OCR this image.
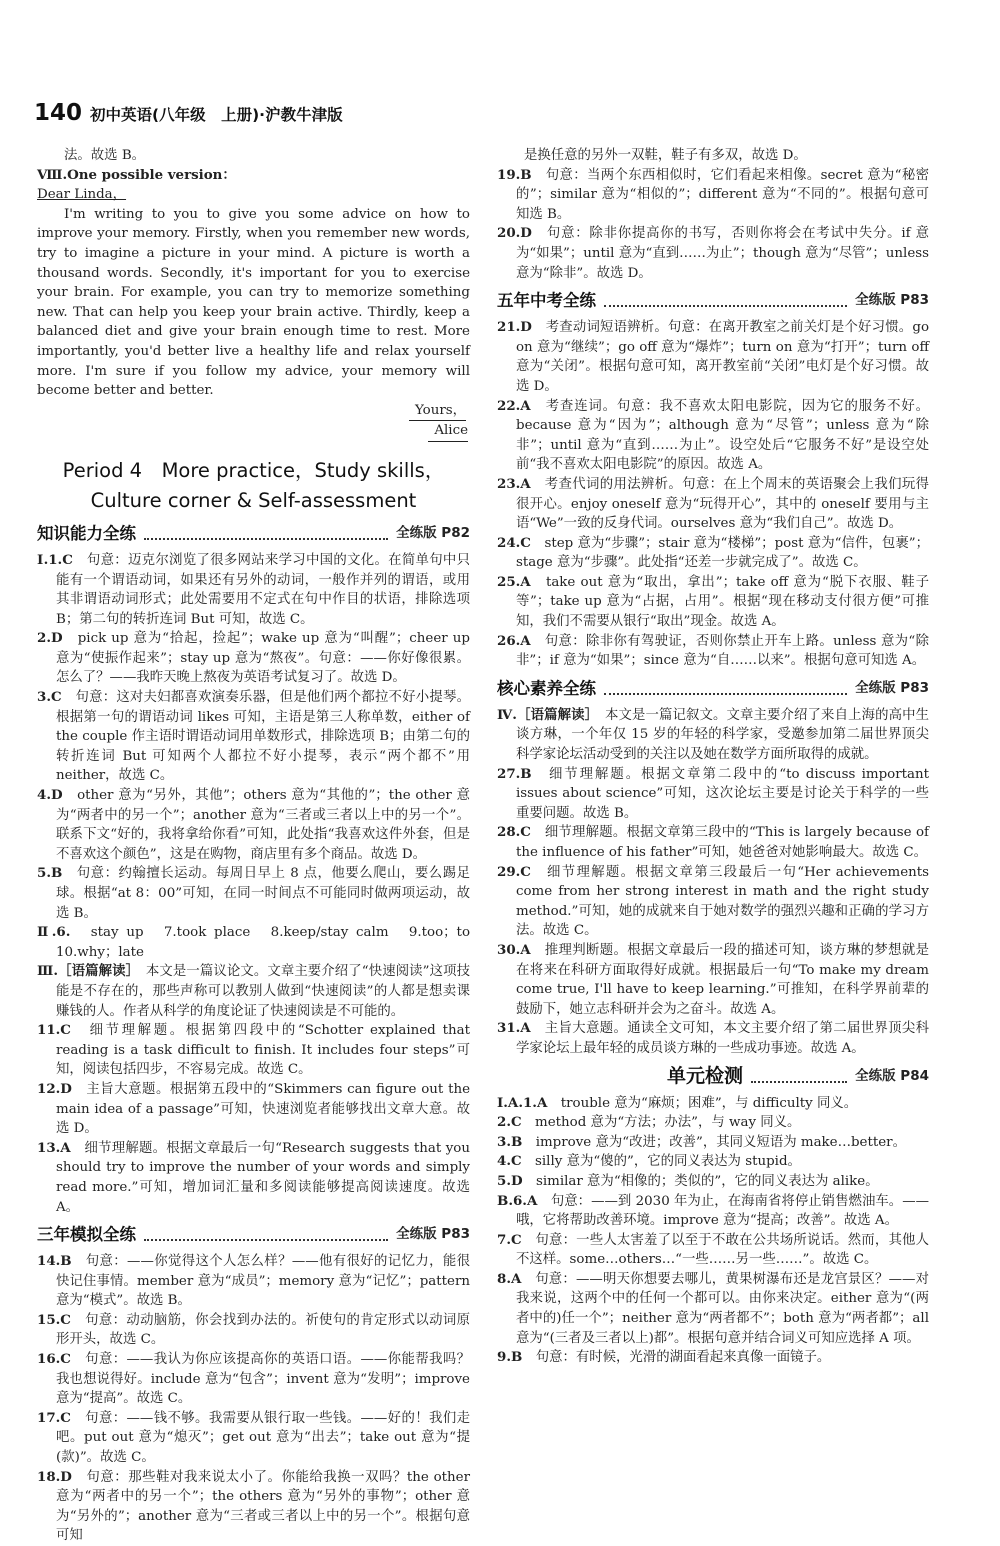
140 初中英语(八年级　上册)·沪教牛津版

法。故选 B。

Ⅷ.One possible version：

Dear Linda，

I'm writing to you to give you some advice on how to improve your memory. Firstly, when you remember new words, try to imagine a picture in your mind. A picture is worth a thousand words. Secondly, it's important for you to exercise your brain. For example, you can try to memorize something new. That can help you keep your brain active. Thirdly, keep a balanced diet and give your brain enough time to rest. More importantly, you'd better live a healthy life and relax yourself more. I'm sure if you follow my advice, your memory will become better and better.

Yours，

Alice

Period 4　More practice，Study skills，
Culture corner & Self-assessment
知识能力全练	全练版 P82

Ⅰ.1.C　 句意：迈克尔浏览了很多网站来学习中国的文化。在简单句中只能有一个谓语动词，如果还有另外的动词，一般作并列的谓语，或用其非谓语动词形式；此处需要用不定式在句中作目的状语，排除选项 B；第二句的转折连词 But 可知，故选 C。

2.D　 pick up 意为“拾起，捡起”；wake up 意为“叫醒”；cheer up 意为“使振作起来”；stay up 意为“熬夜”。句意：——你好像很累。怎么了？——我昨天晚上熬夜为英语考试复习了。故选 D。

3.C　 句意：这对夫妇都喜欢演奏乐器，但是他们两个都拉不好小提琴。根据第一句的谓语动词 likes 可知，主语是第三人称单数，either of the couple 作主语时谓语动词用单数形式，排除选项 B；由第二句的转折连词 But 可知两个人都拉不好小提琴，表示“两个都不”用 neither，故选 C。

4.D　 other 意为“另外，其他”；others 意为“其他的”；the other 意为“两者中的另一个”；another 意为“三者或三者以上中的另一个”。联系下文“好的，我将拿给你看”可知，此处指“我喜欢这件外套，但是不喜欢这个颜色”，这是在购物，商店里有多个商品。故选 D。

5.B　 句意：约翰擅长运动。每周日早上 8 点，他要么爬山，要么踢足球。根据“at 8：00”可知，在同一时间点不可能同时做两项运动，故选 B。

Ⅱ.6.　 stay up　7.took place　8.keep/stay calm　9.too；to　10.why；late

Ⅲ.［语篇解读］　 本文是一篇议论文。文章主要介绍了“快速阅读”这项技能是不存在的，那些声称可以教别人做到“快速阅读”的人都是想卖课赚钱的人。作者从科学的角度论证了快速阅读是不可能的。

11.C　 细节理解题。根据第四段中的“Schotter explained that reading is a task difficult to finish. It includes four steps”可知，阅读包括四步，不容易完成。故选 C。

12.D　 主旨大意题。根据第五段中的“Skimmers can figure out the main idea of a passage”可知，快速浏览者能够找出文章大意。故选 D。

13.A　 细节理解题。根据文章最后一句“Research suggests that you should try to improve the number of your words and simply read more.”可知，增加词汇量和多阅读能够提高阅读速度。故选 A。

三年模拟全练	全练版 P83

14.B　 句意：——你觉得这个人怎么样？——他有很好的记忆力，能很快记住事情。member 意为“成员”；memory 意为“记忆”；pattern 意为“模式”。故选 B。

15.C　 句意：动动脑筋，你会找到办法的。祈使句的肯定形式以动词原形开头，故选 C。

16.C　 句意：——我认为你应该提高你的英语口语。——你能帮我吗？我也想说得好。include 意为“包含”；invent 意为“发明”；improve 意为“提高”。故选 C。

17.C　 句意：——钱不够。我需要从银行取一些钱。——好的！我们走吧。put out 意为“熄灭”；get out 意为“出去”；take out 意为“提(款)”。故选 C。

18.D　 句意：那些鞋对我来说太小了。你能给我换一双吗？the other 意为“两者中的另一个”；the others 意为“另外的事物”；other 意为“另外的”；another 意为“三者或三者以上中的另一个”。根据句意可知

是换任意的另外一双鞋，鞋子有多双，故选 D。

19.B　 句意：当两个东西相似时，它们看起来相像。secret 意为“秘密的”；similar 意为“相似的”；different 意为“不同的”。根据句意可知选 B。

20.D　 句意：除非你提高你的书写，否则你将会在考试中失分。if 意为“如果”；until 意为“直到……为止”；though 意为“尽管”；unless 意为“除非”。故选 D。

五年中考全练	全练版 P83

21.D　 考查动词短语辨析。句意：在离开教室之前关灯是个好习惯。go on 意为“继续”；go off 意为“爆炸”；turn on 意为“打开”；turn off 意为“关闭”。根据句意可知，离开教室前“关闭”电灯是个好习惯。故选 D。

22.A　 考查连词。句意：我不喜欢太阳电影院，因为它的服务不好。because 意为“因为”；although 意为“尽管”；unless 意为“除非”；until 意为“直到……为止”。设空处后“它服务不好”是设空处前“我不喜欢太阳电影院”的原因。故选 A。

23.A　 考查代词的用法辨析。句意：在上个周末的英语聚会上我们玩得很开心。enjoy oneself 意为“玩得开心”，其中的 oneself 要用与主语“We”一致的反身代词。ourselves 意为“我们自己”。故选 D。

24.C　 step 意为“步骤”；stair 意为“楼梯”；post 意为“信件，包裹”；stage 意为“步骤”。此处指“还差一步就完成了”。故选 C。

25.A　 take out 意为“取出，拿出”；take off 意为“脱下衣服、鞋子等”；take up 意为“占据，占用”。根据“现在移动支付很方便”可推知，我们不需要从银行“取出”现金。故选 A。

26.A　 句意：除非你有驾驶证，否则你禁止开车上路。unless 意为“除非”；if 意为“如果”；since 意为“自……以来”。根据句意可知选 A。

核心素养全练	全练版 P83

Ⅳ.［语篇解读］　 本文是一篇记叙文。文章主要介绍了来自上海的高中生谈方琳，一个年仅 15 岁的年轻的科学家，受邀参加第二届世界顶尖科学家论坛活动受到的关注以及她在数学方面所取得的成就。

27.B　 细节理解题。根据文章第二段中的“to discuss important issues about science”可知，这次论坛主要是讨论关于科学的一些重要问题。故选 B。

28.C　 细节理解题。根据文章第三段中的“This is largely because of the influence of his father”可知，她爸爸对她影响最大。故选 C。

29.C　 细节理解题。根据文章第三段最后一句“Her achievements come from her strong interest in math and the right study method.”可知，她的成就来自于她对数学的强烈兴趣和正确的学习方法。故选 C。

30.A　 推理判断题。根据文章最后一段的描述可知，谈方琳的梦想就是在将来在科研方面取得好成就。根据最后一句“To make my dream come true, I'll have to keep learning.”可推知，在科学界前辈的鼓励下，她立志科研并会为之奋斗。故选 A。

31.A　 主旨大意题。通读全文可知，本文主要介绍了第二届世界顶尖科学家论坛上最年轻的成员谈方琳的一些成功事迹。故选 A。

单元检测	全练版 P84

Ⅰ.A.1.A　 trouble 意为“麻烦；困难”，与 difficulty 同义。

2.C　 method 意为“方法；办法”，与 way 同义。

3.B　 improve 意为“改进；改善”，其同义短语为 make…better。

4.C　 silly 意为“傻的”，它的同义表达为 stupid。

5.D　 similar 意为“相像的；类似的”，它的同义表达为 alike。

B.6.A　 句意：——到 2030 年为止，在海南省将停止销售燃油车。——哦，它将帮助改善环境。improve 意为“提高；改善”。故选 A。

7.C　 句意：一些人太害羞了以至于不敢在公共场所说话。然而，其他人不这样。some…others…“一些……另一些……”。故选 C。

8.A　 句意：——明天你想要去哪儿，黄果树瀑布还是龙宫景区？——对我来说，这两个中的任何一个都可以。由你来决定。either 意为“(两者中的)任一个”；neither 意为“两者都不”；both 意为“两者都”；all 意为“(三者及三者以上)都”。根据句意并结合词义可知应选择 A 项。

9.B　 句意：有时候，光滑的湖面看起来真像一面镜子。
